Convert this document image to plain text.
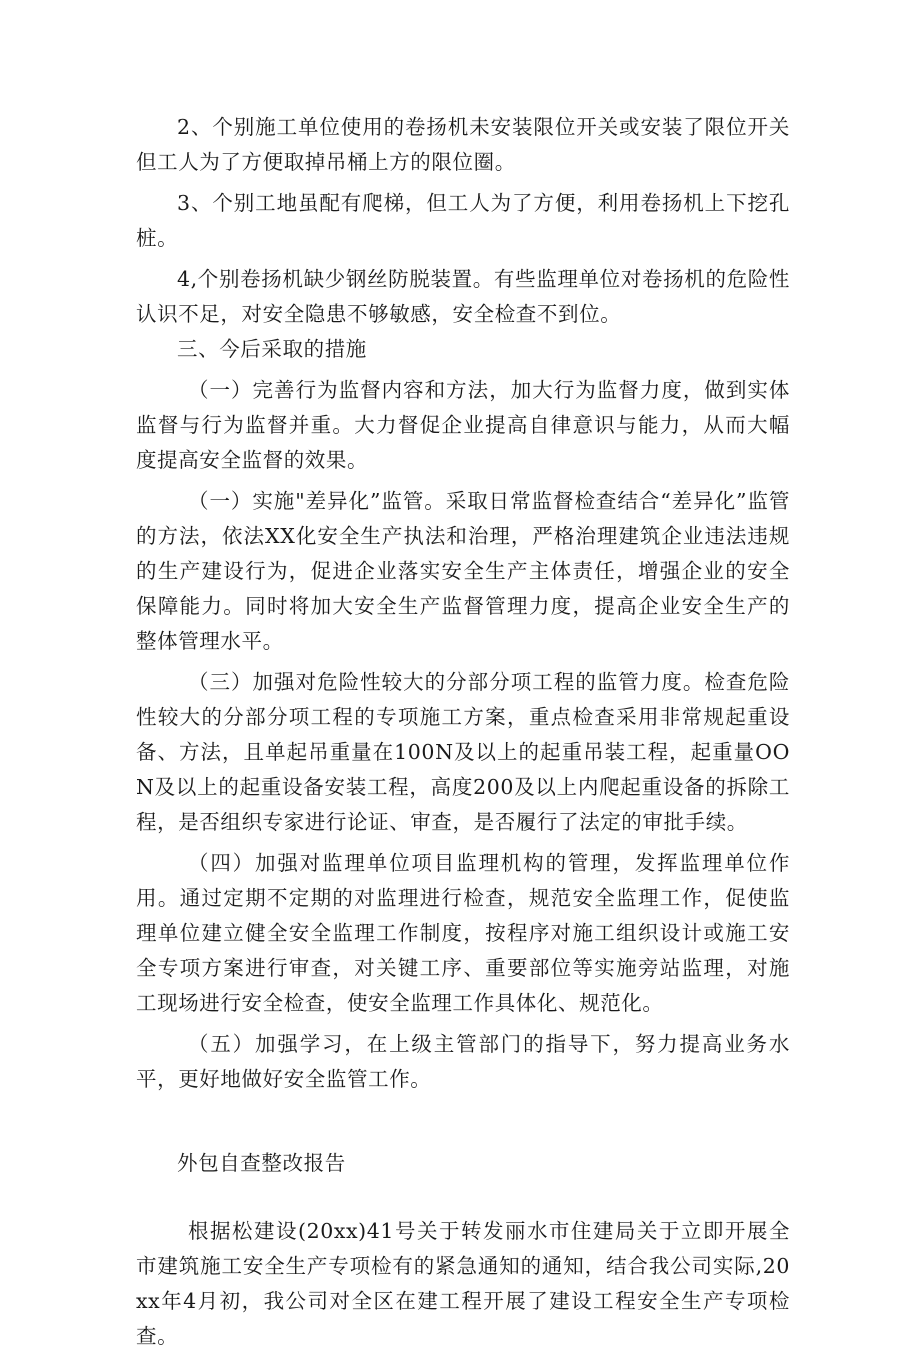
2、个别施工单位使用的卷扬机未安装限位开关或安装了限位开关但工人为了方便取掉吊桶上方的限位圈。

3、个别工地虽配有爬梯，但工人为了方便，利用卷扬机上下挖孔桩。

4,个别卷扬机缺少钢丝防脱装置。有些监理单位对卷扬机的危险性认识不足，对安全隐患不够敏感，安全检查不到位。

三、今后采取的措施

（一）完善行为监督内容和方法，加大行为监督力度，做到实体监督与行为监督并重。大力督促企业提高自律意识与能力，从而大幅度提高安全监督的效果。

（一）实施"差异化”监管。采取日常监督检查结合“差异化”监管的方法，依法XX化安全生产执法和治理，严格治理建筑企业违法违规的生产建设行为，促进企业落实安全生产主体责任，增强企业的安全保障能力。同时将加大安全生产监督管理力度，提高企业安全生产的整体管理水平。

（三）加强对危险性较大的分部分项工程的监管力度。检查危险性较大的分部分项工程的专项施工方案，重点检查采用非常规起重设备、方法，且单起吊重量在100N及以上的起重吊装工程，起重量OON及以上的起重设备安装工程，高度200及以上内爬起重设备的拆除工程，是否组织专家进行论证、审查，是否履行了法定的审批手续。

（四）加强对监理单位项目监理机构的管理，发挥监理单位作用。通过定期不定期的对监理进行检查，规范安全监理工作，促使监理单位建立健全安全监理工作制度，按程序对施工组织设计或施工安全专项方案进行审查，对关键工序、重要部位等实施旁站监理，对施工现场进行安全检查，使安全监理工作具体化、规范化。

（五）加强学习，在上级主管部门的指导下，努力提高业务水平，更好地做好安全监管工作。

外包自查整改报告

根据松建设(20xx)41号关于转发丽水市住建局关于立即开展全市建筑施工安全生产专项检有的紧急通知的通知，结合我公司实际,20xx年4月初，我公司对全区在建工程开展了建设工程安全生产专项检查。
